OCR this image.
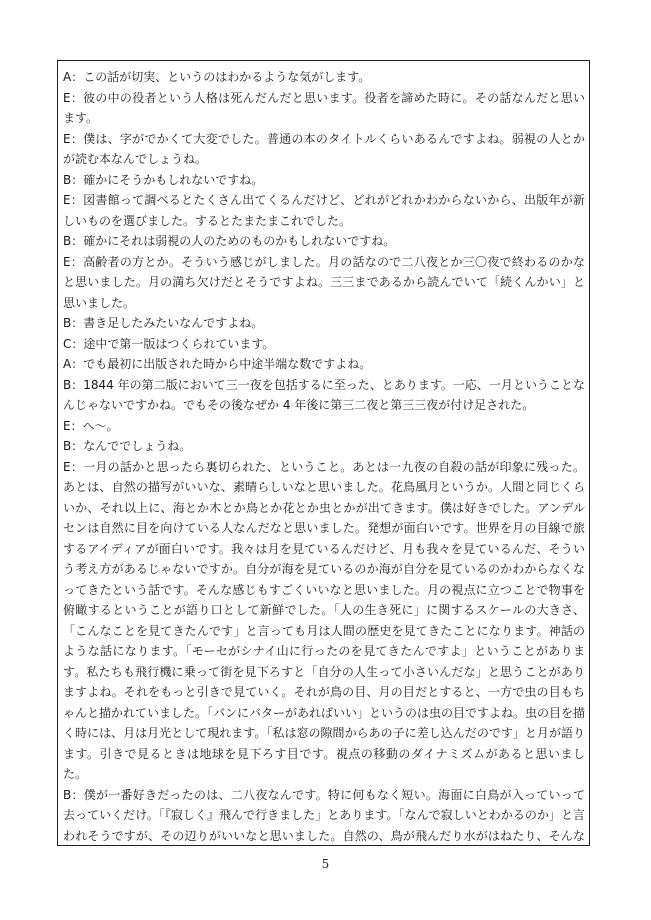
A：この話が切実、というのはわかるような気がします。

E：彼の中の役者という人格は死んだんだと思います。役者を諦めた時に。その話なんだと思います。

E：僕は、字がでかくて大変でした。普通の本のタイトルくらいあるんですよね。弱視の人とかが読む本なんでしょうね。

B：確かにそうかもしれないですね。

E：図書館って調べるとたくさん出てくるんだけど、どれがどれかわからないから、出版年が新しいものを選びました。するとたまたまこれでした。

B：確かにそれは弱視の人のためのものかもしれないですね。

E：高齢者の方とか。そういう感じがしました。月の話なので二八夜とか三〇夜で終わるのかなと思いました。月の満ち欠けだとそうですよね。三三まであるから読んでいて「続くんかい」と思いました。

B：書き足したみたいなんですよね。

C：途中で第一版はつくられています。

A：でも最初に出版された時から中途半端な数ですよね。

B：1844 年の第二版において三一夜を包括するに至った、とあります。一応、一月ということなんじゃないですかね。でもその後なぜか 4 年後に第三二夜と第三三夜が付け足された。

E：へ〜。

B：なんででしょうね。

E：一月の話かと思ったら裏切られた、ということ。あとは一九夜の自殺の話が印象に残った。あとは、自然の描写がいいな、素晴らしいなと思いました。花鳥風月というか。人間と同じくらいか、それ以上に、海とか木とか鳥とか花とか虫とかが出てきます。僕は好きでした。アンデルセンは自然に目を向けている人なんだなと思いました。発想が面白いです。世界を月の目線で旅するアイディアが面白いです。我々は月を見ているんだけど、月も我々を見ているんだ、そういう考え方があるじゃないですか。自分が海を見ているのか海が自分を見ているのかわからなくなってきたという話です。そんな感じもすごくいいなと思いました。月の視点に立つことで物事を俯瞰するということが語り口として新鮮でした。「人の生き死に」に関するスケールの大きさ、「こんなことを見てきたんです」と言っても月は人間の歴史を見てきたことになります。神話のような話になります。「モーセがシナイ山に行ったのを見てきたんですよ」ということがあります。私たちも飛行機に乗って街を見下ろすと「自分の人生って小さいんだな」と思うことがありますよね。それをもっと引きで見ていく。それが鳥の目、月の目だとすると、一方で虫の目もちゃんと描かれていました。「パンにバターがあればいい」というのは虫の目ですよね。虫の目を描く時には、月は月光として現れます。「私は窓の隙間からあの子に差し込んだのです」と月が語ります。引きで見るときは地球を見下ろす目です。視点の移動のダイナミズムがあると思いました。

B：僕が一番好きだったのは、二八夜なんです。特に何もなく短い。海面に白鳥が入っていって去っていくだけ。「『寂しく』飛んで行きました」とあります。「なんで寂しいとわかるのか」と言われそうですが、その辺りがいいなと思いました。自然の、鳥が飛んだり水がはねたり、そんな

5
